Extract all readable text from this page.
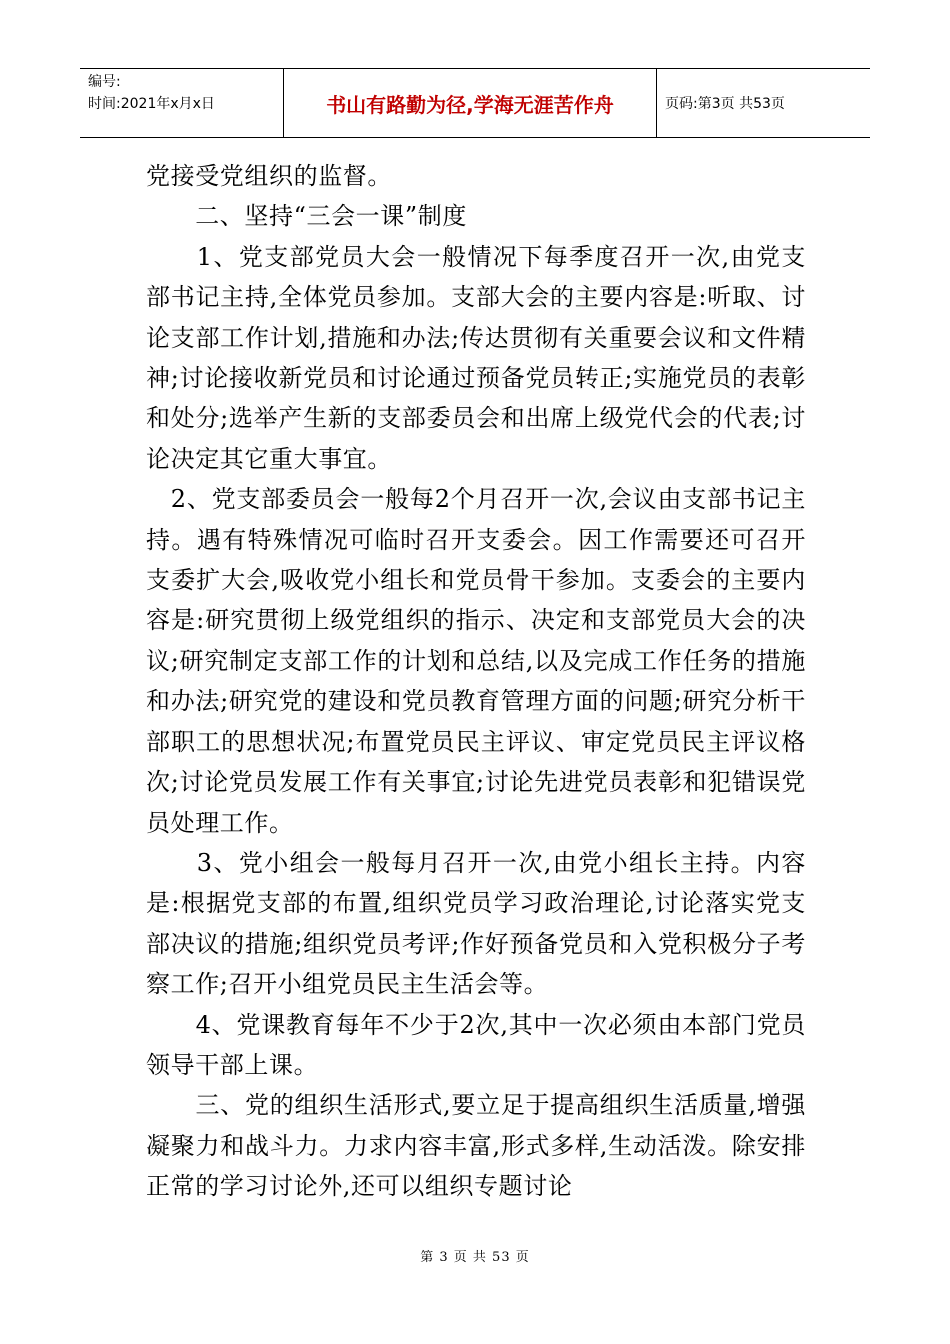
编号:
时间:2021年x月x日	书山有路勤为径,学海无涯苦作舟	页码:第3页 共53页

党接受党组织的监督。

　　二、坚持“三会一课”制度

　　1、党支部党员大会一般情况下每季度召开一次,由党支部书记主持,全体党员参加。支部大会的主要内容是:听取、讨论支部工作计划,措施和办法;传达贯彻有关重要会议和文件精神;讨论接收新党员和讨论通过预备党员转正;实施党员的表彰和处分;选举产生新的支部委员会和出席上级党代会的代表;讨论决定其它重大事宜。

　2、党支部委员会一般每2个月召开一次,会议由支部书记主持。遇有特殊情况可临时召开支委会。因工作需要还可召开支委扩大会,吸收党小组长和党员骨干参加。支委会的主要内容是:研究贯彻上级党组织的指示、决定和支部党员大会的决议;研究制定支部工作的计划和总结,以及完成工作任务的措施和办法;研究党的建设和党员教育管理方面的问题;研究分析干部职工的思想状况;布置党员民主评议、审定党员民主评议格次;讨论党员发展工作有关事宜;讨论先进党员表彰和犯错误党员处理工作。

　　3、党小组会一般每月召开一次,由党小组长主持。内容是:根据党支部的布置,组织党员学习政治理论,讨论落实党支部决议的措施;组织党员考评;作好预备党员和入党积极分子考察工作;召开小组党员民主生活会等。

　　4、党课教育每年不少于2次,其中一次必须由本部门党员领导干部上课。

　　三、党的组织生活形式,要立足于提高组织生活质量,增强凝聚力和战斗力。力求内容丰富,形式多样,生动活泼。除安排正常的学习讨论外,还可以组织专题讨论

第 3 页 共 53 页
